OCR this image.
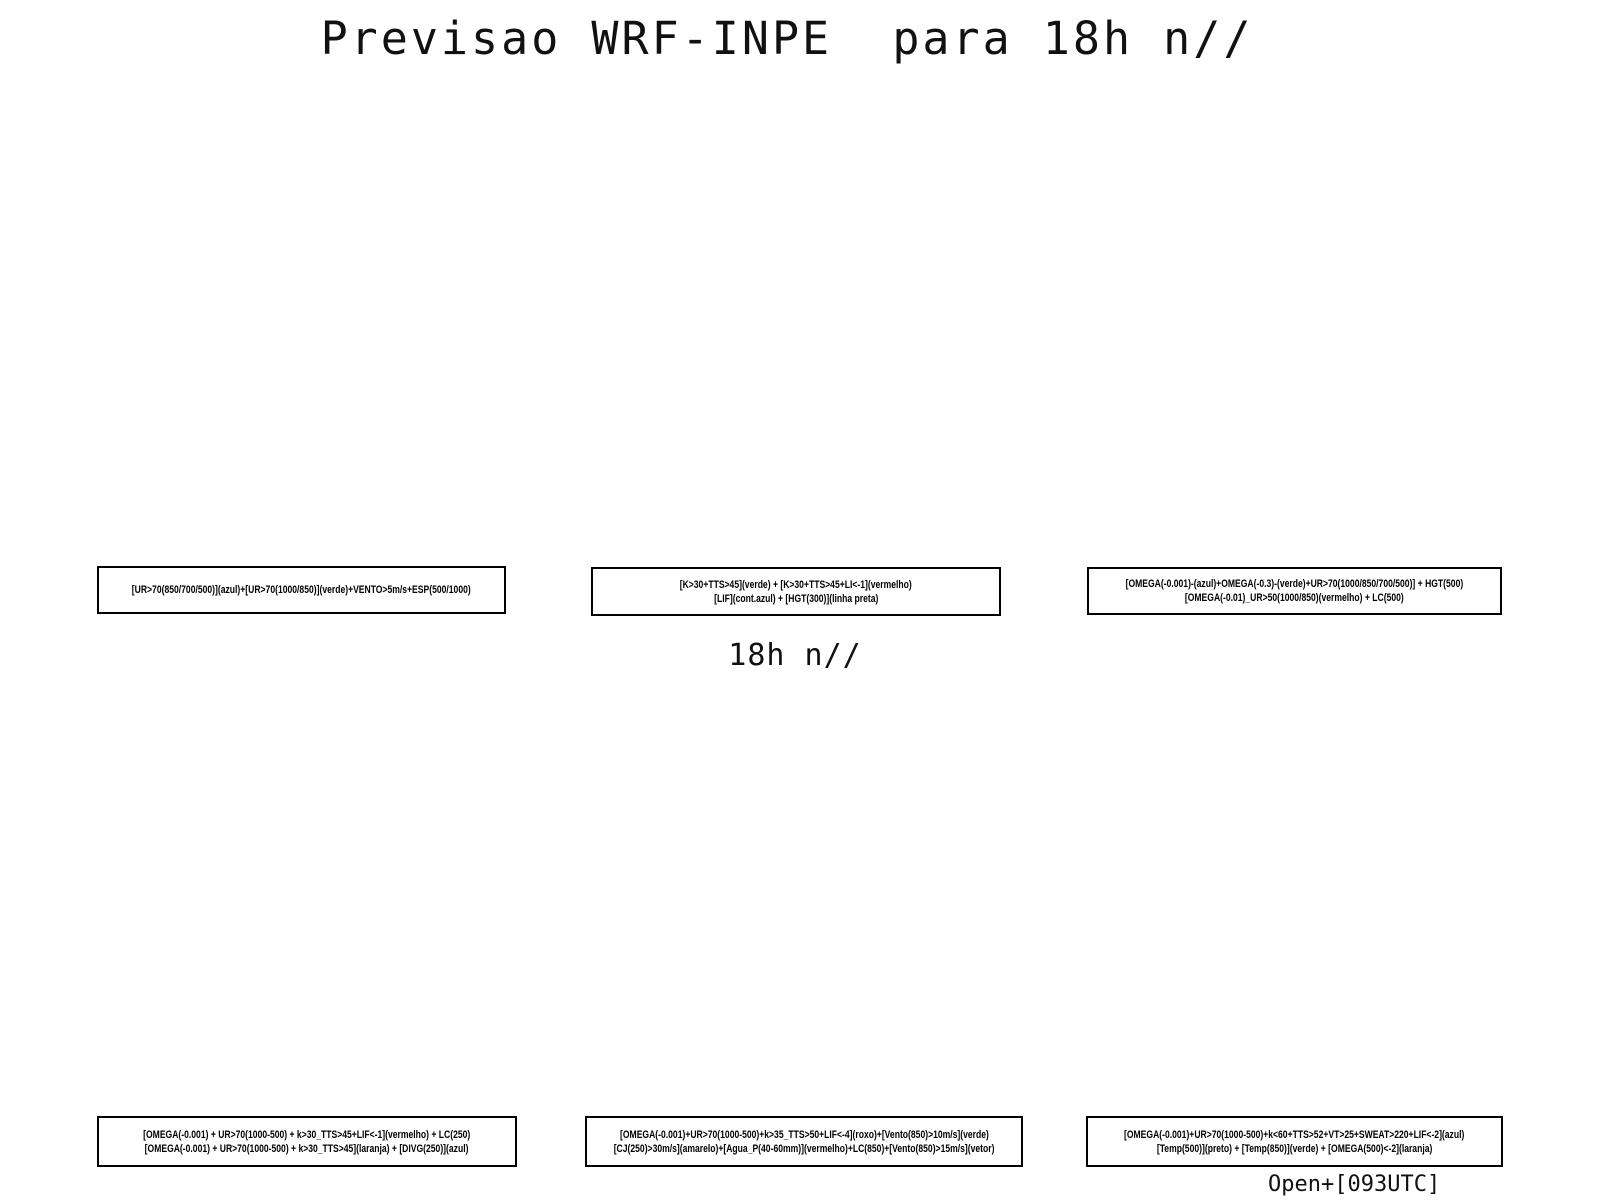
Previsao WRF-INPE  para 18h n//
[UR>70(850/700/500)](azul)+[UR>70(1000/850)](verde)+VENTO>5m/s+ESP(500/1000)	[K>30+TTS>45](verde) + [K>30+TTS>45+LI<-1](vermelho)
[LIF](cont.azul) + [HGT(300)](linha preta)
[OMEGA(-0.001)-(azul)+OMEGA(-0.3)-(verde)+UR>70(1000/850/700/500)] + HGT(500)
[OMEGA(-0.01)_UR>50(1000/850)(vermelho) + LC(500)
18h n//
[OMEGA(-0.001) + UR>70(1000-500) + k>30_TTS>45+LIF<-1](vermelho) + LC(250)
[OMEGA(-0.001) + UR>70(1000-500) + k>30_TTS>45](laranja) + [DIVG(250)](azul)
[OMEGA(-0.001)+UR>70(1000-500)+k>35_TTS>50+LIF<-4](roxo)+[Vento(850)>10m/s](verde)
[CJ(250)>30m/s](amarelo)+[Agua_P(40-60mm)](vermelho)+LC(850)+[Vento(850)>15m/s](vetor)
[OMEGA(-0.001)+UR>70(1000-500)+k<60+TTS>52+VT>25+SWEAT>220+LIF<-2](azul)
[Temp(500)](preto) + [Temp(850)](verde) + [OMEGA(500)<-2](laranja)
Open+[093UTC]
